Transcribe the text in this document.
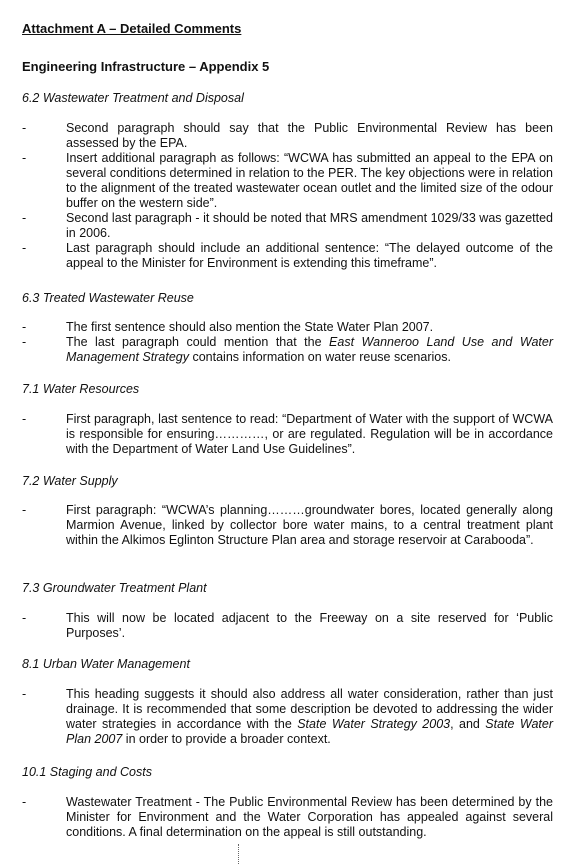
Attachment A – Detailed Comments
Engineering Infrastructure – Appendix 5
6.2 Wastewater Treatment and Disposal
-	Second paragraph should say that the Public Environmental Review has been assessed by the EPA.
-	Insert additional paragraph as follows: “WCWA has submitted an appeal to the EPA on several conditions determined in relation to the PER. The key objections were in relation to the alignment of the treated wastewater ocean outlet and the limited size of the odour buffer on the western side”.
-	Second last paragraph - it should be noted that MRS amendment 1029/33 was gazetted in 2006.
-	Last paragraph should include an additional sentence: “The delayed outcome of the appeal to the Minister for Environment is extending this timeframe”.
6.3 Treated Wastewater Reuse
-	The first sentence should also mention the State Water Plan 2007.
-	The last paragraph could mention that the East Wanneroo Land Use and Water Management Strategy contains information on water reuse scenarios.
7.1 Water Resources
-	First paragraph, last sentence to read: “Department of Water with the support of WCWA is responsible for ensuring…………, or are regulated. Regulation will be in accordance with the Department of Water Land Use Guidelines”.
7.2 Water Supply
-	First paragraph: “WCWA’s planning………groundwater bores, located generally along Marmion Avenue, linked by collector bore water mains, to a central treatment plant within the Alkimos Eglinton Structure Plan area and storage reservoir at Carabooda”.
7.3 Groundwater Treatment Plant
-	This will now be located adjacent to the Freeway on a site reserved for ‘Public Purposes’.
8.1 Urban Water Management
-	This heading suggests it should also address all water consideration, rather than just drainage. It is recommended that some description be devoted to addressing the wider water strategies in accordance with the State Water Strategy 2003, and State Water Plan 2007 in order to provide a broader context.
10.1 Staging and Costs
-	Wastewater Treatment - The Public Environmental Review has been determined by the Minister for Environment and the Water Corporation has appealed against several conditions. A final determination on the appeal is still outstanding.
